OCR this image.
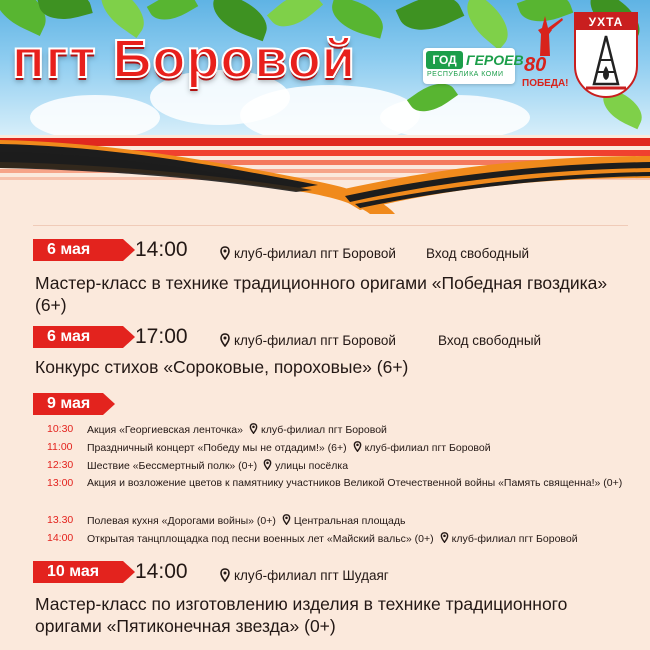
пгт Боровой	ГОД ГЕРОЕВ
РЕСПУБЛИКА КОМИ 80
ПОБЕДА!
УХТА
6 мая	14:00	клуб-филиал пгт Боровой Вход свободный
Мастер-класс в технике традиционного оригами «Победная гвоздика» (6+)
6 мая	17:00	клуб-филиал пгт Боровой	Вход свободный
Конкурс стихов «Сороковые, пороховые» (6+)
9 мая
10:30 Акция «Георгиевская ленточка» клуб-филиал пгт Боровой
11:00 Праздничный концерт «Победу мы не отдадим!» (6+) клуб-филиал пгт Боровой
12:30 Шествие «Бессмертный полк» (0+) улицы посёлка
13:00 Акция и возложение цветов к памятнику участников Великой Отечественной войны «Память священна!» (0+)
13.30 Полевая кухня «Дорогами войны» (0+) Центральная площадь
14:00 Открытая танцплощадка под песни военных лет «Майский вальс» (0+) клуб-филиал пгт Боровой
10 мая	14:00	клуб-филиал пгт Шудаяг
Мастер-класс по изготовлению изделия в технике традиционного оригами «Пятиконечная звезда» (0+)
